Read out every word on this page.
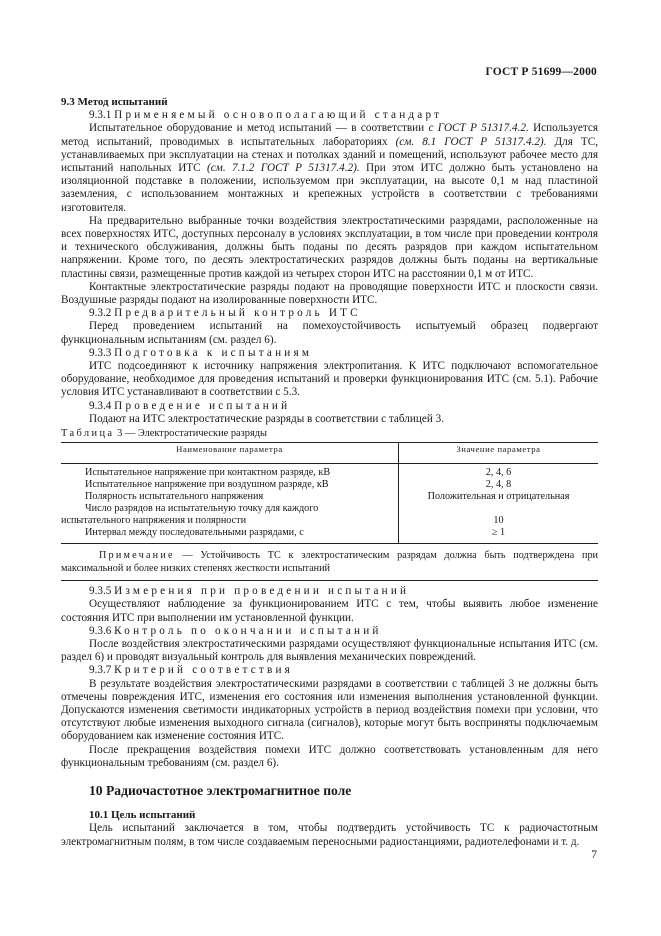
ГОСТ Р 51699—2000

9.3 Метод испытаний

9.3.1 Применяемый основополагающий стандарт

Испытательное оборудование и метод испытаний — в соответствии с ГОСТ Р 51317.4.2. Используется метод испытаний, проводимых в испытательных лабораториях (см. 8.1 ГОСТ Р 51317.4.2). Для ТС, устанавливаемых при эксплуатации на стенах и потолках зданий и помещений, используют рабочее место для испытаний напольных ИТС (см. 7.1.2 ГОСТ Р 51317.4.2). При этом ИТС должно быть установлено на изоляционной подставке в положении, используемом при эксплуатации, на высоте 0,1 м над пластиной заземления, с использованием монтажных и крепежных устройств в соответствии с требованиями изготовителя.

На предварительно выбранные точки воздействия электростатическими разрядами, расположенные на всех поверхностях ИТС, доступных персоналу в условиях эксплуатации, в том числе при проведении контроля и технического обслуживания, должны быть поданы по десять разрядов при каждом испытательном напряжении. Кроме того, по десять электростатических разрядов должны быть поданы на вертикальные пластины связи, размещенные против каждой из четырех сторон ИТС на расстоянии 0,1 м от ИТС.

Контактные электростатические разряды подают на проводящие поверхности ИТС и плоскости связи. Воздушные разряды подают на изолированные поверхности ИТС.

9.3.2 Предварительный контроль ИТС

Перед проведением испытаний на помехоустойчивость испытуемый образец подвергают функциональным испытаниям (см. раздел 6).

9.3.3 Подготовка к испытаниям

ИТС подсоединяют к источнику напряжения электропитания. К ИТС подключают вспомогательное оборудование, необходимое для проведения испытаний и проверки функционирования ИТС (см. 5.1). Рабочие условия ИТС устанавливают в соответствии с 5.3.

9.3.4 Проведение испытаний

Подают на ИТС электростатические разряды в соответствии с таблицей 3.

Таблица 3 — Электростатические разряды

Наименование параметра	Значение параметра
Испытательное напряжение при контактном разряде, кВ	2, 4, 6
Испытательное напряжение при воздушном разряде, кВ	2, 4, 8
Полярность испытательного напряжения	Положительная и отрицательная
Число разрядов на испытательную точку для каждого испытательного напряжения и полярности	10
Интервал между последовательными разрядами, с	≥ 1
Примечание — Устойчивость ТС к электростатическим разрядам должна быть подтверждена при максимальной и более низких степенях жесткости испытаний

9.3.5 Измерения при проведении испытаний

Осуществляют наблюдение за функционированием ИТС с тем, чтобы выявить любое изменение состояния ИТС при выполнении им установленной функции.

9.3.6 Контроль по окончании испытаний

После воздействия электростатическими разрядами осуществляют функциональные испытания ИТС (см. раздел 6) и проводят визуальный контроль для выявления механических повреждений.

9.3.7 Критерий соответствия

В результате воздействия электростатическими разрядами в соответствии с таблицей 3 не должны быть отмечены повреждения ИТС, изменения его состояния или изменения выполнения установленной функции. Допускаются изменения светимости индикаторных устройств в период воздействия помехи при условии, что отсутствуют любые изменения выходного сигнала (сигналов), которые могут быть восприняты подключаемым оборудованием как изменение состояния ИТС.

После прекращения воздействия помехи ИТС должно соответствовать установленным для него функциональным требованиям (см. раздел 6).

10 Радиочастотное электромагнитное поле

10.1 Цель испытаний

Цель испытаний заключается в том, чтобы подтвердить устойчивость ТС к радиочастотным электромагнитным полям, в том числе создаваемым переносными радиостанциями, радиотелефонами и т. д.

7
